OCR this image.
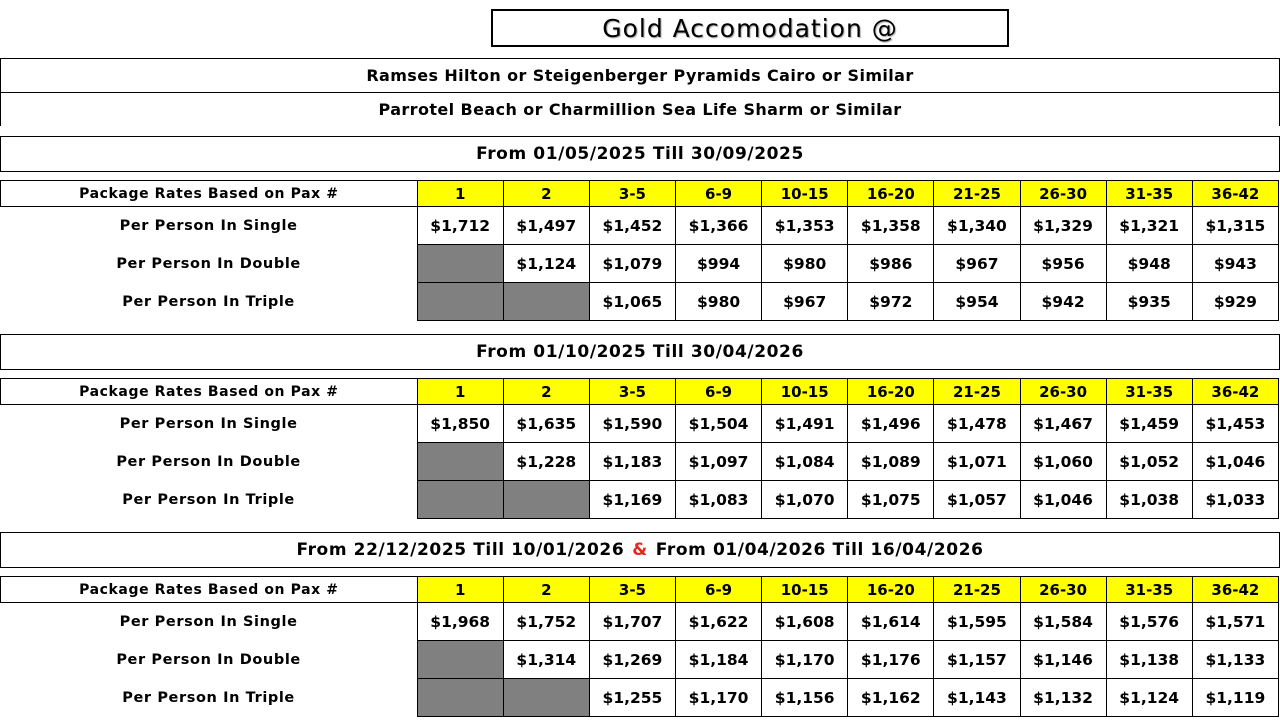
Gold Accomodation @
Ramses Hilton or Steigenberger Pyramids Cairo or Similar
Parrotel Beach or Charmillion Sea Life Sharm or Similar
From 01/05/2025 Till 30/09/2025
Package Rates Based on Pax #	1	2	3-5	6-9	10-15	16-20	21-25	26-30	31-35	36-42
Per Person In Single	$1,712	$1,497	$1,452	$1,366	$1,353	$1,358	$1,340	$1,329	$1,321	$1,315
Per Person In Double		$1,124	$1,079	$994	$980	$986	$967	$956	$948	$943
Per Person In Triple			$1,065	$980	$967	$972	$954	$942	$935	$929
From 01/10/2025 Till 30/04/2026
Package Rates Based on Pax #	1	2	3-5	6-9	10-15	16-20	21-25	26-30	31-35	36-42
Per Person In Single	$1,850	$1,635	$1,590	$1,504	$1,491	$1,496	$1,478	$1,467	$1,459	$1,453
Per Person In Double		$1,228	$1,183	$1,097	$1,084	$1,089	$1,071	$1,060	$1,052	$1,046
Per Person In Triple			$1,169	$1,083	$1,070	$1,075	$1,057	$1,046	$1,038	$1,033
From 22/12/2025 Till 10/01/2026 & From 01/04/2026 Till 16/04/2026
Package Rates Based on Pax #	1	2	3-5	6-9	10-15	16-20	21-25	26-30	31-35	36-42
Per Person In Single	$1,968	$1,752	$1,707	$1,622	$1,608	$1,614	$1,595	$1,584	$1,576	$1,571
Per Person In Double		$1,314	$1,269	$1,184	$1,170	$1,176	$1,157	$1,146	$1,138	$1,133
Per Person In Triple			$1,255	$1,170	$1,156	$1,162	$1,143	$1,132	$1,124	$1,119
